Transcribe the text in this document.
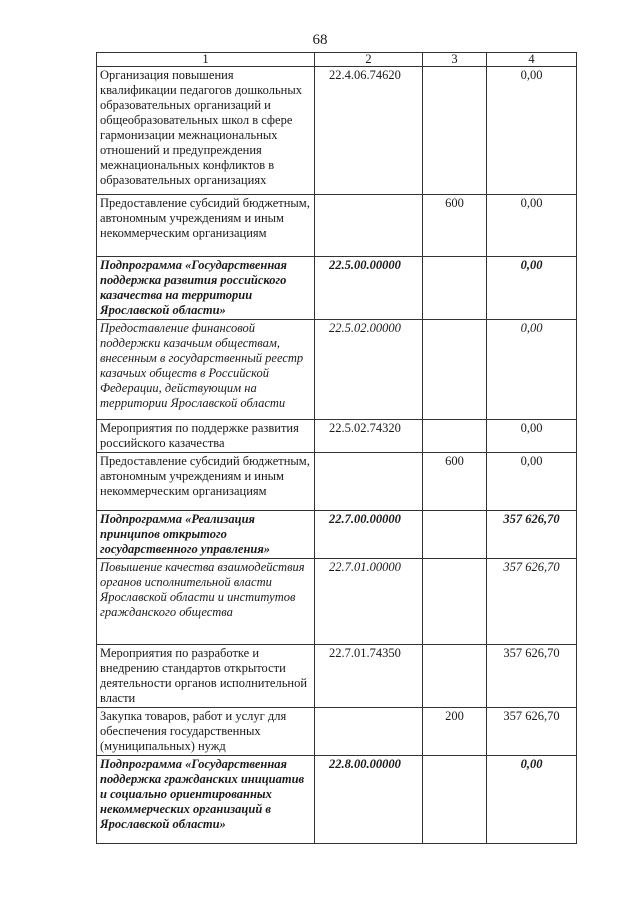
68
1	2	3	4
Организация повышения квалификации педагогов дошкольных образовательных организаций и общеобразовательных школ в сфере гармонизации межнациональных отношений и предупреждения межнациональных конфликтов в образовательных организациях	22.4.06.74620		0,00
Предоставление субсидий бюджетным, автономным учреждениям и иным некоммерческим организациям		600	0,00
Подпрограмма «Государственная поддержка развития российского казачества на территории Ярославской области»	22.5.00.00000		0,00
Предоставление финансовой поддержки казачьим обществам, внесенным в государственный реестр казачьих обществ в Российской Федерации, действующим на территории Ярославской области	22.5.02.00000		0,00
Мероприятия по поддержке развития российского казачества	22.5.02.74320		0,00
Предоставление субсидий бюджетным, автономным учреждениям и иным некоммерческим организациям		600	0,00
Подпрограмма «Реализация принципов открытого государственного управления»	22.7.00.00000		357 626,70
Повышение качества взаимодействия органов исполнительной власти Ярославской области и институтов гражданского общества	22.7.01.00000		357 626,70
Мероприятия по разработке и внедрению стандартов открытости деятельности органов исполнительной власти	22.7.01.74350		357 626,70
Закупка товаров, работ и услуг для обеспечения государственных (муниципальных) нужд		200	357 626,70
Подпрограмма «Государственная поддержка гражданских инициатив и социально ориентированных некоммерческих организаций в Ярославской области»	22.8.00.00000		0,00
